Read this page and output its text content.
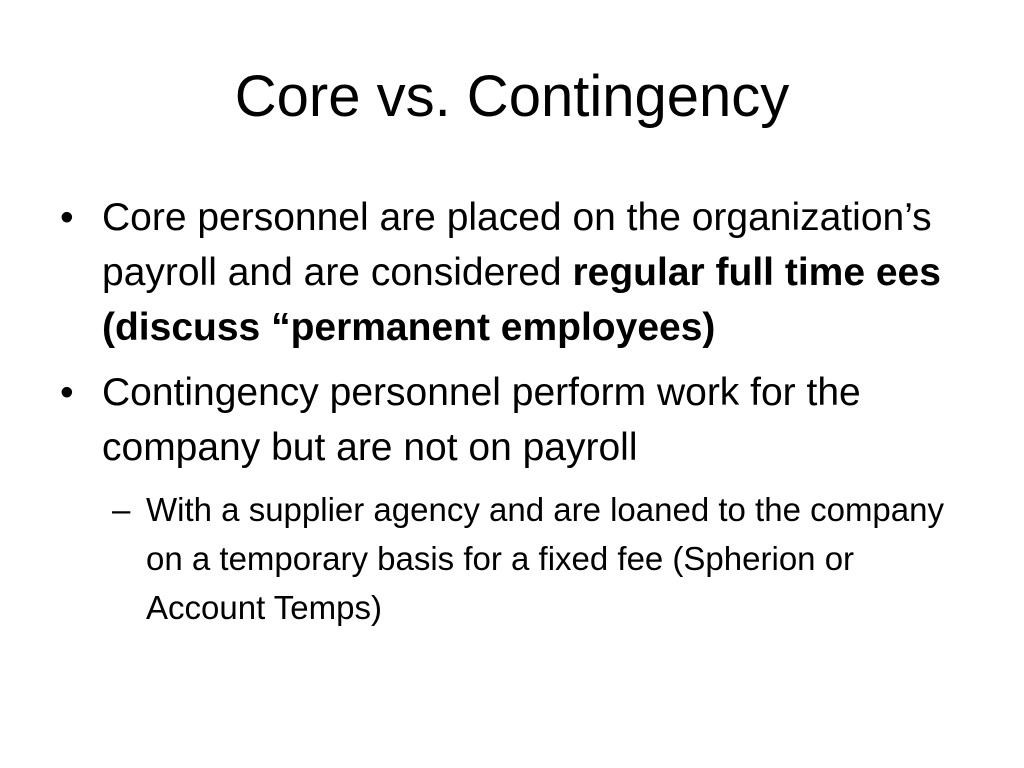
Core vs. Contingency
• Core personnel are placed on the organization’s payroll and are considered regular full time ees (discuss “permanent employees)
• Contingency personnel perform work for the company but are not on payroll
– With a supplier agency and are loaned to the company on a temporary basis for a fixed fee (Spherion or Account Temps)
